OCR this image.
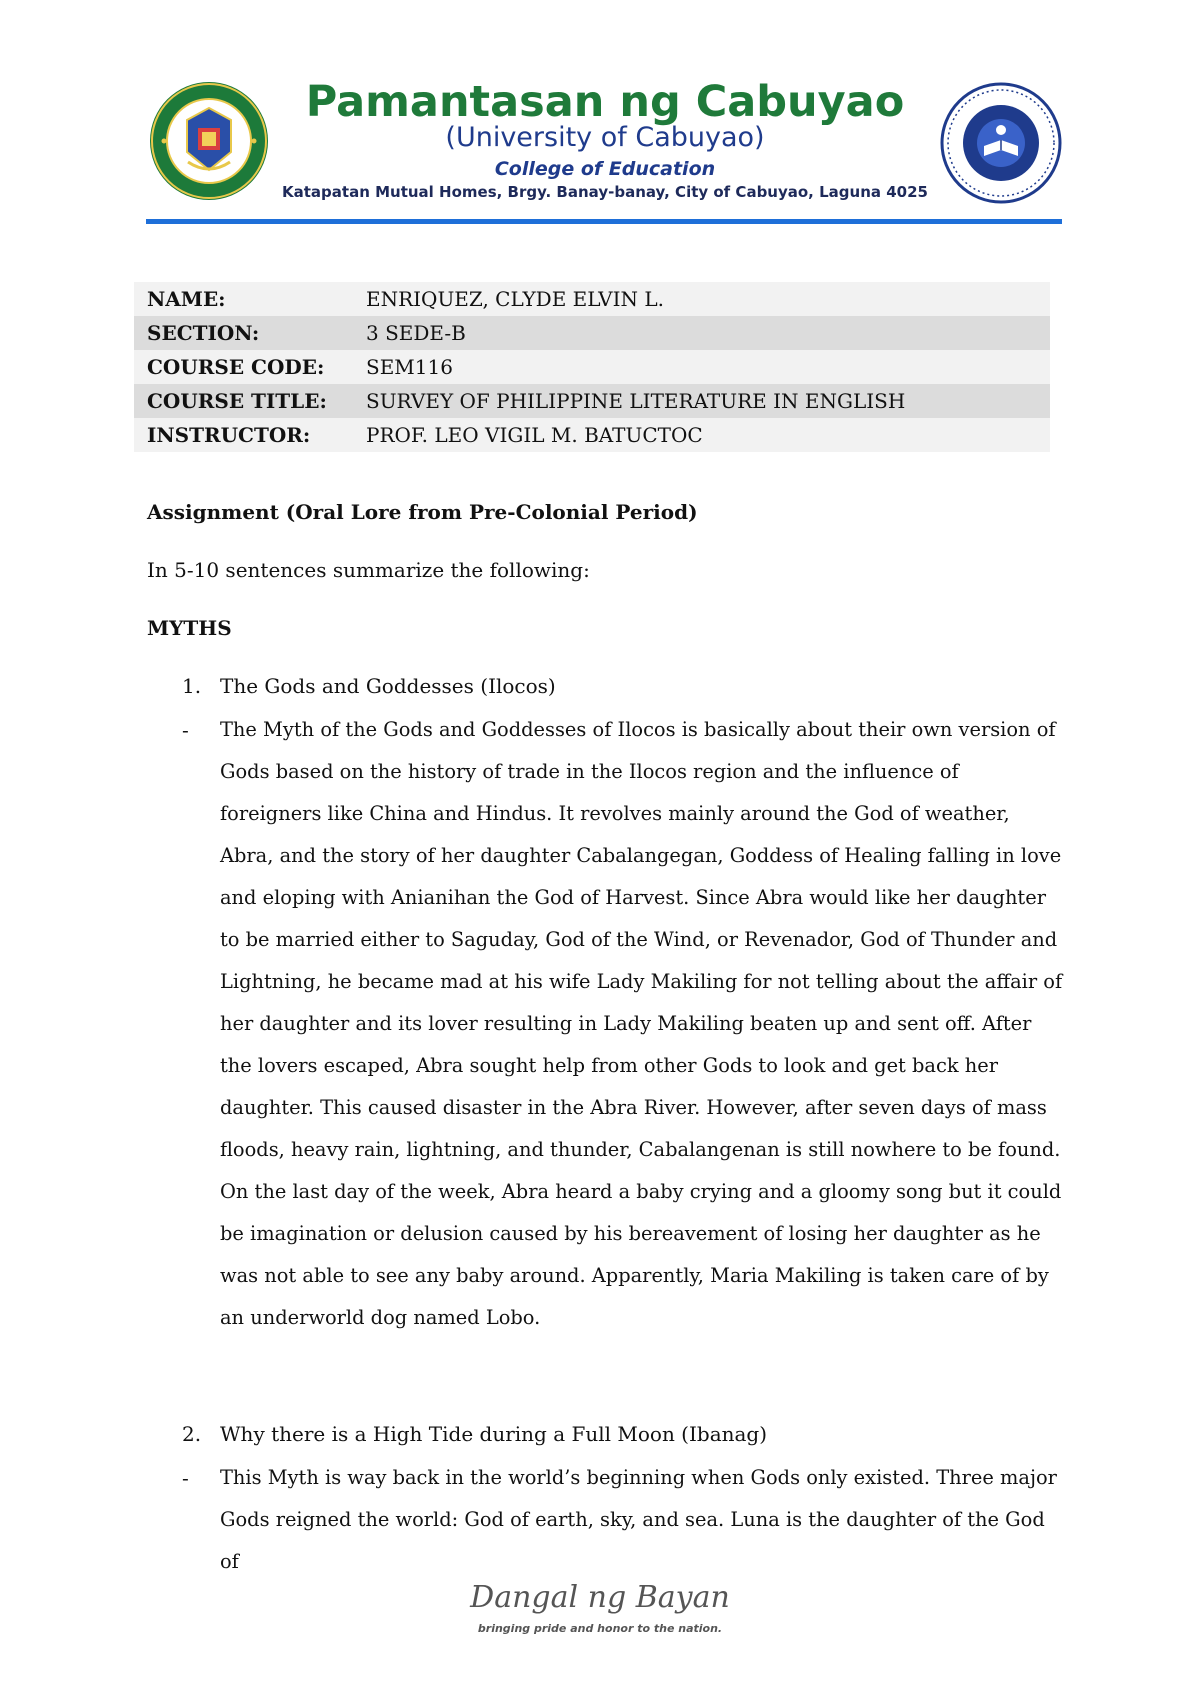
Pamantasan ng Cabuyao
(University of Cabuyao)
College of Education
Katapatan Mutual Homes, Brgy. Banay-banay, City of Cabuyao, Laguna 4025
NAME:	ENRIQUEZ, CLYDE ELVIN L.
SECTION:	3 SEDE-B
COURSE CODE:	SEM116
COURSE TITLE:	SURVEY OF PHILIPPINE LITERATURE IN ENGLISH
INSTRUCTOR:	PROF. LEO VIGIL M. BATUCTOC
Assignment (Oral Lore from Pre-Colonial Period)
In 5-10 sentences summarize the following:
MYTHS
1. The Gods and Goddesses (Ilocos)
- The Myth of the Gods and Goddesses of Ilocos is basically about their own version of Gods based on the history of trade in the Ilocos region and the influence of foreigners like China and Hindus. It revolves mainly around the God of weather, Abra, and the story of her daughter Cabalangegan, Goddess of Healing falling in love and eloping with Anianihan the God of Harvest. Since Abra would like her daughter to be married either to Saguday, God of the Wind, or Revenador, God of Thunder and Lightning, he became mad at his wife Lady Makiling for not telling about the affair of her daughter and its lover resulting in Lady Makiling beaten up and sent off. After the lovers escaped, Abra sought help from other Gods to look and get back her daughter. This caused disaster in the Abra River. However, after seven days of mass floods, heavy rain, lightning, and thunder, Cabalangenan is still nowhere to be found. On the last day of the week, Abra heard a baby crying and a gloomy song but it could be imagination or delusion caused by his bereavement of losing her daughter as he was not able to see any baby around. Apparently, Maria Makiling is taken care of by an underworld dog named Lobo.
2. Why there is a High Tide during a Full Moon (Ibanag)
- This Myth is way back in the world’s beginning when Gods only existed. Three major Gods reigned the world: God of earth, sky, and sea. Luna is the daughter of the God of
Dangal ng Bayan
bringing pride and honor to the nation.
